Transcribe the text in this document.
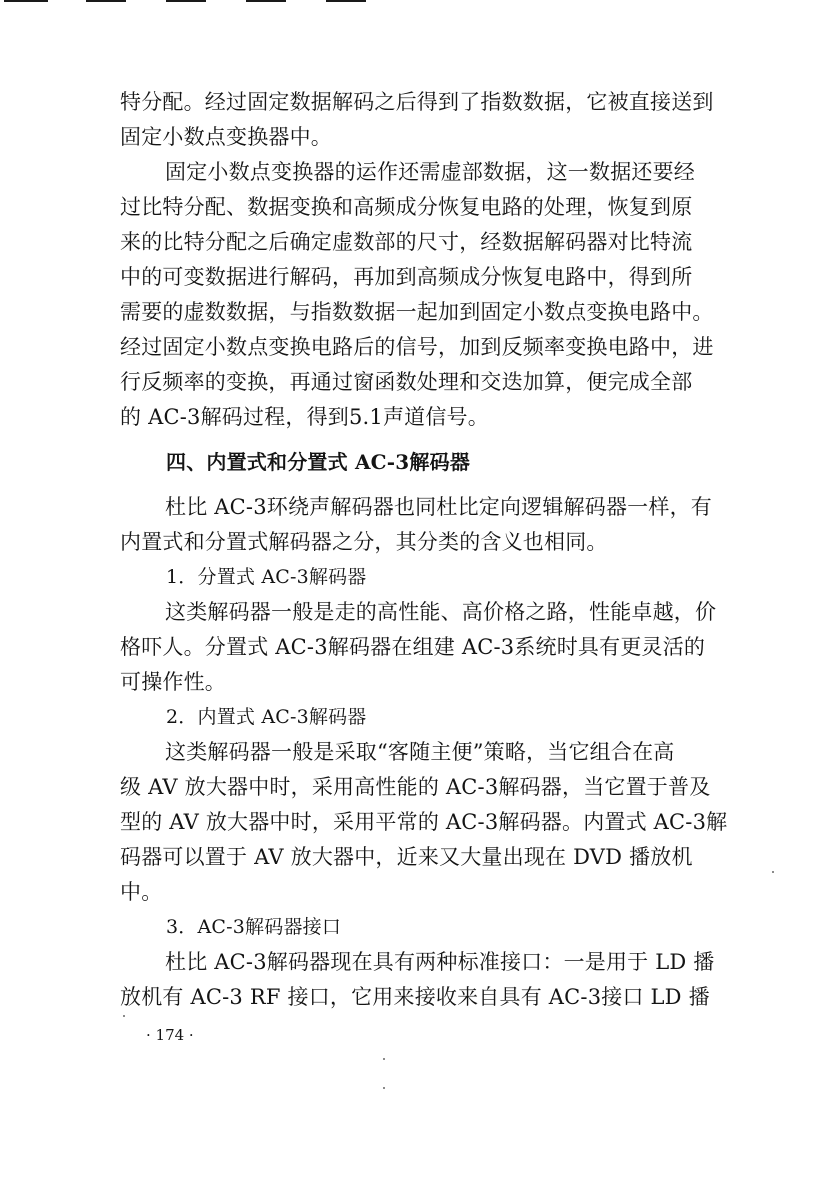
特分配。经过固定数据解码之后得到了指数数据，它被直接送到
固定小数点变换器中。
固定小数点变换器的运作还需虚部数据，这一数据还要经
过比特分配、数据变换和高频成分恢复电路的处理，恢复到原
来的比特分配之后确定虚数部的尺寸，经数据解码器对比特流
中的可变数据进行解码，再加到高频成分恢复电路中，得到所
需要的虚数数据，与指数数据一起加到固定小数点变换电路中。
经过固定小数点变换电路后的信号，加到反频率变换电路中，进
行反频率的变换，再通过窗函数处理和交迭加算，便完成全部
的 AC-3解码过程，得到5.1声道信号。
四、内置式和分置式 AC-3解码器
杜比 AC-3环绕声解码器也同杜比定向逻辑解码器一样，有
内置式和分置式解码器之分，其分类的含义也相同。
1．分置式 AC-3解码器
这类解码器一般是走的高性能、高价格之路，性能卓越，价
格吓人。分置式 AC-3解码器在组建 AC-3系统时具有更灵活的
可操作性。
2．内置式 AC-3解码器
这类解码器一般是采取“客随主便”策略，当它组合在高
级 AV 放大器中时，采用高性能的 AC-3解码器，当它置于普及
型的 AV 放大器中时，采用平常的 AC-3解码器。内置式 AC-3解
码器可以置于 AV 放大器中，近来又大量出现在 DVD 播放机
中。
3．AC-3解码器接口
杜比 AC-3解码器现在具有两种标准接口：一是用于 LD 播
放机有 AC-3 RF 接口，它用来接收来自具有 AC-3接口 LD 播
· 174 ·
